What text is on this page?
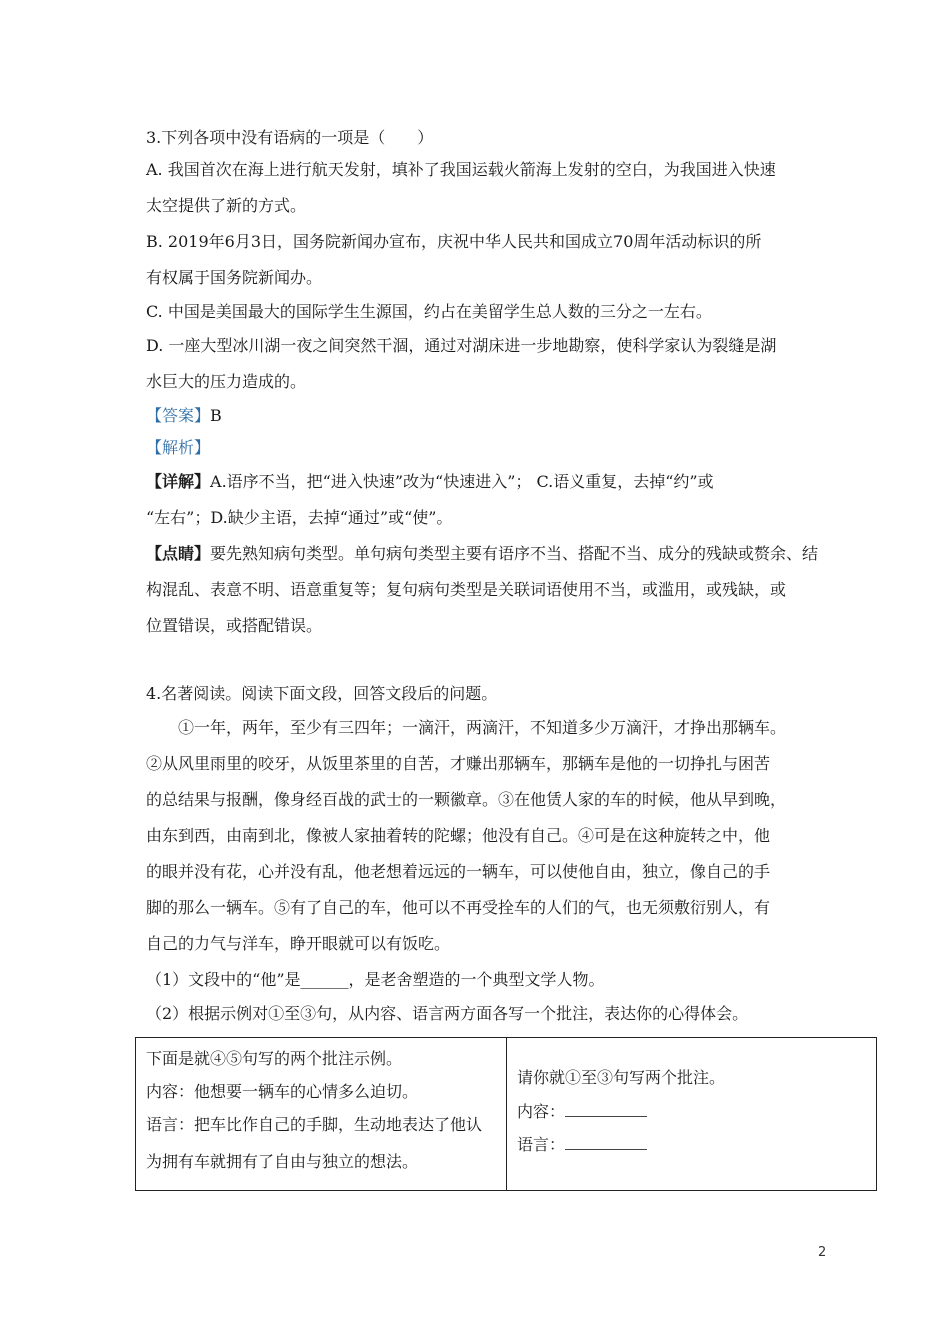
3.下列各项中没有语病的一项是（　　）
A. 我国首次在海上进行航天发射，填补了我国运载火箭海上发射的空白，为我国进入快速
太空提供了新的方式。
B. 2019年6月3日，国务院新闻办宣布，庆祝中华人民共和国成立70周年活动标识的所
有权属于国务院新闻办。
C. 中国是美国最大的国际学生生源国，约占在美留学生总人数的三分之一左右。
D. 一座大型冰川湖一夜之间突然干涸，通过对湖床进一步地勘察，使科学家认为裂缝是湖
水巨大的压力造成的。
【答案】B
【解析】
【详解】A.语序不当，把“进入快速”改为“快速进入”； C.语义重复，去掉“约”或
“左右”；D.缺少主语，去掉“通过”或“使”。
【点睛】要先熟知病句类型。单句病句类型主要有语序不当、搭配不当、成分的残缺或赘余、结
构混乱、表意不明、语意重复等；复句病句类型是关联词语使用不当，或滥用，或残缺，或
位置错误，或搭配错误。
4.名著阅读。阅读下面文段，回答文段后的问题。
①一年，两年，至少有三四年；一滴汗，两滴汗，不知道多少万滴汗，才挣出那辆车。
②从风里雨里的咬牙，从饭里茶里的自苦，才赚出那辆车，那辆车是他的一切挣扎与困苦
的总结果与报酬，像身经百战的武士的一颗徽章。③在他赁人家的车的时候，他从早到晚，
由东到西，由南到北，像被人家抽着转的陀螺；他没有自己。④可是在这种旋转之中，他
的眼并没有花，心并没有乱，他老想着远远的一辆车，可以使他自由，独立，像自己的手
脚的那么一辆车。⑤有了自己的车，他可以不再受拴车的人们的气，也无须敷衍别人，有
自己的力气与洋车，睁开眼就可以有饭吃。
（1）文段中的“他”是______，是老舍塑造的一个典型文学人物。
（2）根据示例对①至③句，从内容、语言两方面各写一个批注，表达你的心得体会。
下面是就④⑤句写的两个批注示例。
内容：他想要一辆车的心情多么迫切。
语言：把车比作自己的手脚，生动地表达了他认
为拥有车就拥有了自由与独立的想法。

请你就①至③句写两个批注。
内容：
语言：
2
